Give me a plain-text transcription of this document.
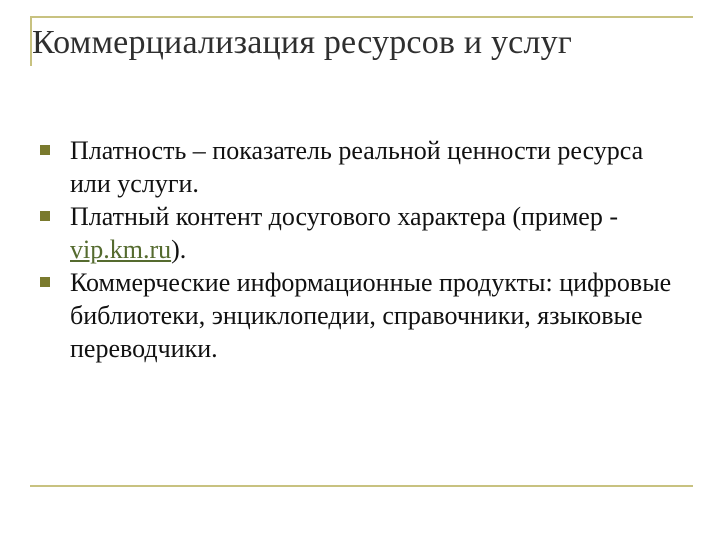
Коммерциализация ресурсов и услуг
Платность – показатель реальной ценности ресурса или услуги.
Платный контент досугового характера (пример - vip.km.ru).
Коммерческие информационные продукты: цифровые библиотеки, энциклопедии, справочники, языковые переводчики.
